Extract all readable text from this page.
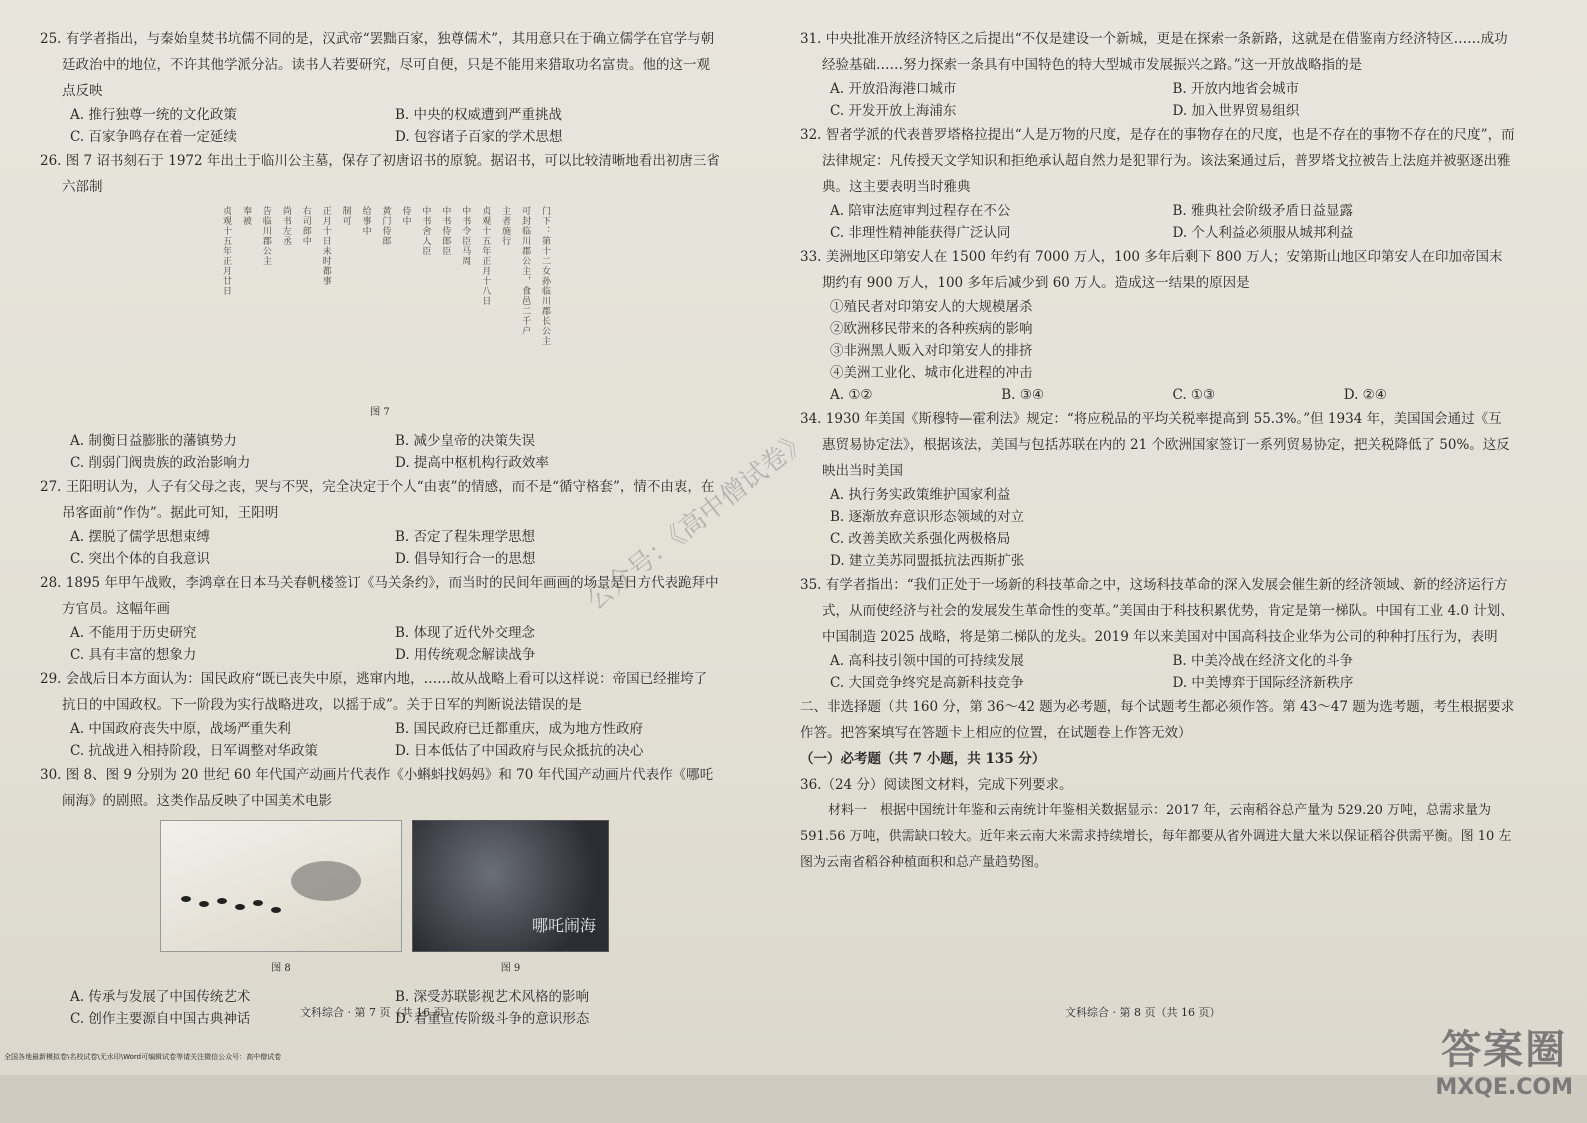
25. 有学者指出，与秦始皇焚书坑儒不同的是，汉武帝“罢黜百家，独尊儒术”，其用意只在于确立儒学在官学与朝廷政治中的地位，不许其他学派分沾。读书人若要研究，尽可自便，只是不能用来猎取功名富贵。他的这一观点反映
A. 推行独尊一统的文化政策	B. 中央的权威遭到严重挑战
C. 百家争鸣存在着一定延续	D. 包容诸子百家的学术思想
26. 图 7 诏书刻石于 1972 年出土于临川公主墓，保存了初唐诏书的原貌。据诏书，可以比较清晰地看出初唐三省六部制
门下：第十二女孙临川郡长公主
可封临川郡公主，食邑二千户
主者施行
贞观十五年正月十八日
中书令臣马周
中书侍郎臣
中书舍人臣
侍中
黄门侍郎
给事中
制可
正月十日未时都事
右司郎中
尚书左丞
告临川郡公主
奉被
贞观十五年正月廿日
图 7
A. 制衡日益膨胀的藩镇势力	B. 减少皇帝的决策失误
C. 削弱门阀贵族的政治影响力	D. 提高中枢机构行政效率
27. 王阳明认为，人子有父母之丧，哭与不哭，完全决定于个人“由衷”的情感，而不是“循守格套”，情不由衷，在吊客面前“作伪”。据此可知，王阳明
A. 摆脱了儒学思想束缚	B. 否定了程朱理学思想
C. 突出个体的自我意识	D. 倡导知行合一的思想
28. 1895 年甲午战败，李鸿章在日本马关春帆楼签订《马关条约》，而当时的民间年画画的场景是日方代表跪拜中方官员。这幅年画
A. 不能用于历史研究	B. 体现了近代外交理念
C. 具有丰富的想象力	D. 用传统观念解读战争
29. 会战后日本方面认为：国民政府“既已丧失中原，逃窜内地，……故从战略上看可以这样说：帝国已经摧垮了抗日的中国政权。下一阶段为实行战略进攻，以摇于成”。关于日军的判断说法错误的是
A. 中国政府丧失中原，战场严重失利	B. 国民政府已迁都重庆，成为地方性政府
C. 抗战进入相持阶段，日军调整对华政策	D. 日本低估了中国政府与民众抵抗的决心
30. 图 8、图 9 分别为 20 世纪 60 年代国产动画片代表作《小蝌蚪找妈妈》和 70 年代国产动画片代表作《哪吒闹海》的剧照。这类作品反映了中国美术电影
图 8
哪吒闹海
图 9
A. 传承与发展了中国传统艺术	B. 深受苏联影视艺术风格的影响
C. 创作主要源自中国古典神话	D. 着重宣传阶级斗争的意识形态
文科综合 · 第 7 页（共 16 页）
31. 中央批准开放经济特区之后提出“不仅是建设一个新城，更是在探索一条新路，这就是在借鉴南方经济特区……成功经验基础……努力探索一条具有中国特色的特大型城市发展振兴之路。”这一开放战略指的是
A. 开放沿海港口城市	B. 开放内地省会城市
C. 开发开放上海浦东	D. 加入世界贸易组织
32. 智者学派的代表普罗塔格拉提出“人是万物的尺度，是存在的事物存在的尺度，也是不存在的事物不存在的尺度”，而法律规定：凡传授天文学知识和拒绝承认超自然力是犯罪行为。该法案通过后，普罗塔戈拉被告上法庭并被驱逐出雅典。这主要表明当时雅典
A. 陪审法庭审判过程存在不公	B. 雅典社会阶级矛盾日益显露
C. 非理性精神能获得广泛认同	D. 个人利益必须服从城邦利益
33. 美洲地区印第安人在 1500 年约有 7000 万人，100 多年后剩下 800 万人；安第斯山地区印第安人在印加帝国末期约有 900 万人，100 多年后减少到 60 万人。造成这一结果的原因是
①殖民者对印第安人的大规模屠杀
②欧洲移民带来的各种疾病的影响
③非洲黑人贩入对印第安人的排挤
④美洲工业化、城市化进程的冲击
A. ①②	B. ③④	C. ①③	D. ②④
34. 1930 年美国《斯穆特—霍利法》规定：“将应税品的平均关税率提高到 55.3%。”但 1934 年，美国国会通过《互惠贸易协定法》，根据该法，美国与包括苏联在内的 21 个欧洲国家签订一系列贸易协定，把关税降低了 50%。这反映出当时美国
A. 执行务实政策维护国家利益
B. 逐渐放弃意识形态领域的对立
C. 改善美欧关系强化两极格局
D. 建立美苏同盟抵抗法西斯扩张
35. 有学者指出：“我们正处于一场新的科技革命之中，这场科技革命的深入发展会催生新的经济领域、新的经济运行方式，从而使经济与社会的发展发生革命性的变革。”美国由于科技积累优势，肯定是第一梯队。中国有工业 4.0 计划、中国制造 2025 战略，将是第二梯队的龙头。2019 年以来美国对中国高科技企业华为公司的种种打压行为，表明
A. 高科技引领中国的可持续发展	B. 中美冷战在经济文化的斗争
C. 大国竞争终究是高新科技竞争	D. 中美博弈于国际经济新秩序
二、非选择题（共 160 分，第 36～42 题为必考题，每个试题考生都必须作答。第 43～47 题为选考题，考生根据要求作答。把答案填写在答题卡上相应的位置，在试题卷上作答无效）
（一）必考题（共 7 小题，共 135 分）
36.（24 分）阅读图文材料，完成下列要求。
材料一　根据中国统计年鉴和云南统计年鉴相关数据显示：2017 年，云南稻谷总产量为 529.20 万吨，总需求量为 591.56 万吨，供需缺口较大。近年来云南大米需求持续增长，每年都要从省外调进大量大米以保证稻谷供需平衡。图 10 左图为云南省稻谷种植面积和总产量趋势图。
文科综合 · 第 8 页（共 16 页）
公众号：《高中僧试卷》
全国各地最新模拟卷\名校试卷\无水印\Word可编辑试卷等请关注微信公众号：高中僧试卷	答案圈
MXQE.COM
